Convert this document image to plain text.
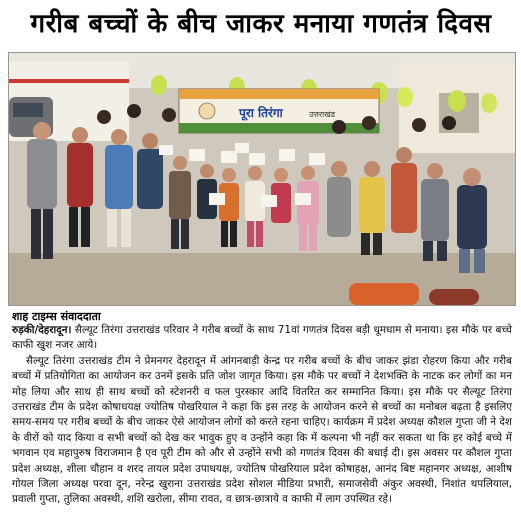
गरीब बच्चों के बीच जाकर मनाया गणतंत्र दिवस
पूरा तिरंगा	उत्तराखंड
शाह टाइम्स संवाददाता

रुड़की/देहरादून। सैल्यूट तिरंगा उत्तराखंड परिवार ने गरीब बच्चों के साथ 71वां गणतंत्र दिवस बड़ी धूमधाम से मनाया। इस मौके पर बच्चे काफी खुश नजर आये।

सैल्यूट तिरंगा उत्तराखंड टीम ने प्रेमनगर देहरादून में आंगनबाड़ी केन्द्र पर गरीब बच्चों के बीच जाकर झंडा रोहरण किया और गरीब बच्चों में प्रतियोगिता का आयोजन कर उनमें इसके प्रति जोश जागृत किया। इस मौके पर बच्चों ने देशभक्ति के नाटक कर लोगों का मन मोह लिया और साथ ही साथ बच्चों को स्टेशनरी व फल पुरस्कार आदि वितरित कर सम्मानित किया। इस मौके पर सैल्यूट तिरंगा उत्तराखंड टीम के प्रदेश कोषाधयक्ष ज्योतिष पोखरियाल ने कहा कि इस तरह के आयोजन करने से बच्चों का मनोबल बढ़ता है इसलिए समय-समय पर गरीब बच्चों के बीच जाकर ऐसे आयोजन लोगों को करते रहना चाहिए। कार्यक्रम में प्रदेश अध्यक्ष कौशल गुप्ता जी ने देश के वीरों को याद किया व सभी बच्चों को देख कर भावुक हुए व उन्होंने कहा कि में कल्पना भी नहीं कर सकता था कि हर कोई बच्चे में भगवान एव महापुरुष विराजमान है एव पूरी टीम को और से उन्होंने सभी को गणतंत्र दिवस की बधाई दी। इस अवसर पर कौशल गुप्ता प्रदेश अध्यक्ष, शीला चौहान व शरद तायल प्रदेश उपाधयक्ष, ज्योतिष पोखरियाल प्रदेश कोषाहक्ष, आनंद बिष्ट महानगर अध्यक्ष, आशीष गोयल जिला अध्यक्ष परवा दून, नरेन्द्र खुराना उत्तराखंड प्रदेश सोशल मीडिया प्रभारी, समाजसेवी अंकुर अवस्थी, निशांत थपलियाल, प्रवाली गुप्ता, तुलिका अवस्थी, शशि खरोला, सीमा रावत, व छात्र-छात्राये व काफी में लाग उपस्थित रहे।
